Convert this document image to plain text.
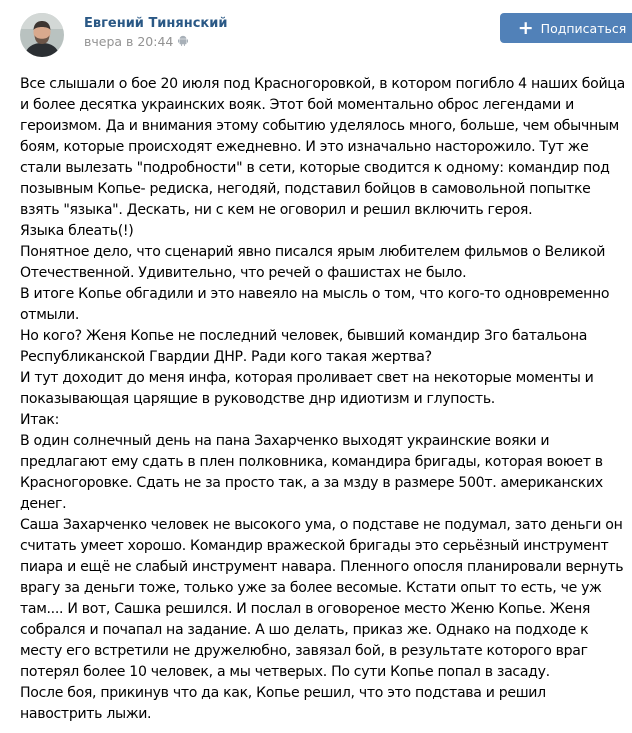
Евгений Тинянский
вчера в 20:44
+ Подписаться

Все слышали о бое 20 июля под Красногоровкой, в котором погибло 4 наших бойца и более десятка украинских вояк. Этот бой моментально оброс легендами и героизмом. Да и внимания этому событию уделялось много, больше, чем обычным боям, которые происходят ежедневно. И это изначально насторожило. Тут же стали вылезать "подробности" в сети, которые сводится к одному: командир под позывным Копье- редиска, негодяй, подставил бойцов в самовольной попытке взять "языка". Дескать, ни с кем не оговорил и решил включить героя.

Языка блеать(!)

Понятное дело, что сценарий явно писался ярым любителем фильмов о Великой Отечественной. Удивительно, что речей о фашистах не было.

В итоге Копье обгадили и это навеяло на мысль о том, что кого-то одновременно отмыли.

Но кого? Женя Копье не последний человек, бывший командир 3го батальона Республиканской Гвардии ДНР. Ради кого такая жертва?

И тут доходит до меня инфа, которая проливает свет на некоторые моменты и показывающая царящие в руководстве днр идиотизм и глупость.

Итак:

В один солнечный день на пана Захарченко выходят украинские вояки и предлагают ему сдать в плен полковника, командира бригады, которая воюет в Красногоровке. Сдать не за просто так, а за мзду в размере 500т. американских денег.

Саша Захарченко человек не высокого ума, о подставе не подумал, зато деньги он считать умеет хорошо. Командир вражеской бригады это серьёзный инструмент пиара и ещё не слабый инструмент навара. Пленного опосля планировали вернуть врагу за деньги тоже, только уже за более весомые. Кстати опыт то есть, че уж там.... И вот, Сашка решился. И послал в оговореное место Женю Копье. Женя собрался и почапал на задание. А шо делать, приказ же. Однако на подходе к месту его встретили не дружелюбно, завязал бой, в результате которого враг потерял более 10 человек, а мы четверых. По сути Копье попал в засаду.

После боя, прикинув что да как, Копье решил, что это подстава и решил навострить лыжи.
